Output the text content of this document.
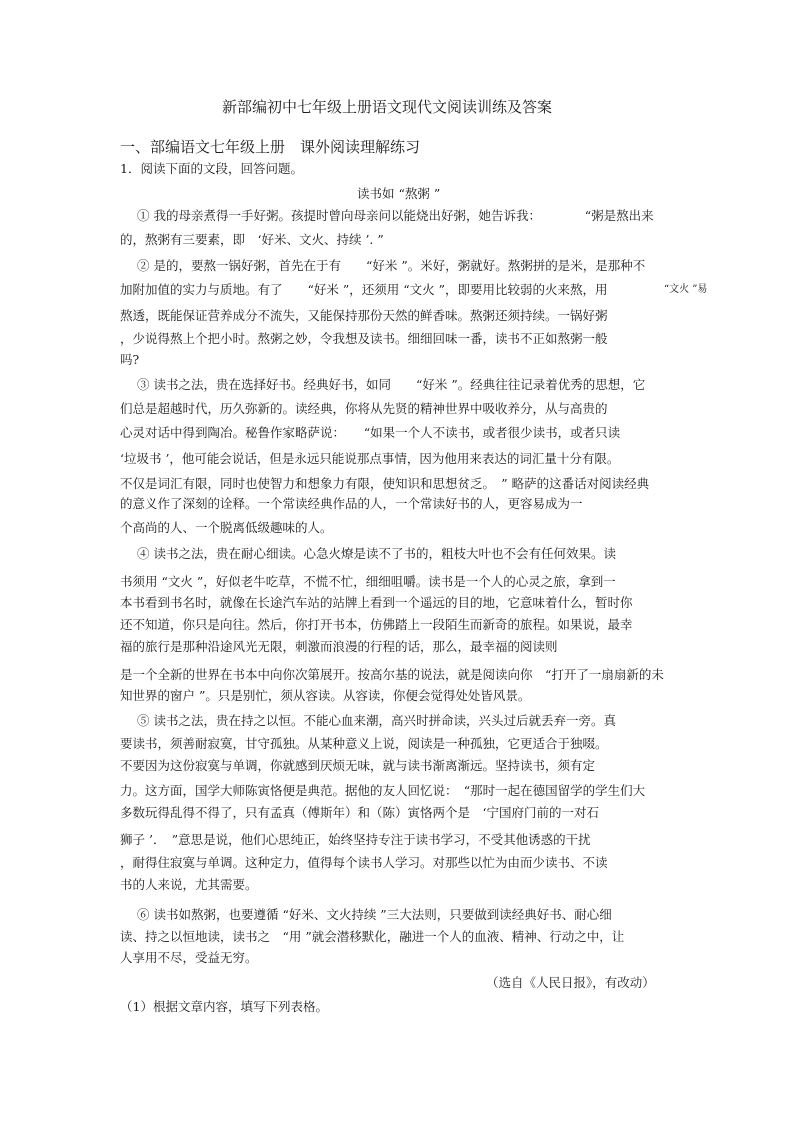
新部编初中七年级上册语文现代文阅读训练及答案
一、部编语文七年级上册　课外阅读理解练习
1．阅读下面的文段，回答问题。
读书如 “熬粥 ”
① 我的母亲煮得一手好粥。孩提时曾向母亲问以能烧出好粥，她告诉我：　　　　“粥是熬出来
的，熬粥有三要素，即　‘好米、文火、持续 ’. ”
② 是的，要熬一锅好粥，首先在于有　　“好米 ”。米好，粥就好。熬粥拼的是米，是那种不
加附加值的实力与质地。有了　　“好米 ”，还须用 “文火 ”，即要用比较弱的火来熬，用	“文火 ”易
熬透，既能保证营养成分不流失，又能保持那份天然的鲜香味。熬粥还须持续。一锅好粥
，少说得熬上个把小时。熬粥之妙，令我想及读书。细细回味一番，读书不正如熬粥一般
吗?
③ 读书之法，贵在选择好书。经典好书，如同　　“好米 ”。经典往往记录着优秀的思想，它
们总是超越时代，历久弥新的。读经典，你将从先贤的精神世界中吸收养分，从与高贵的
心灵对话中得到陶冶。秘鲁作家略萨说：　　“如果一个人不读书，或者很少读书，或者只读
‘垃圾书 ’，他可能会说话，但是永远只能说那点事情，因为他用来表达的词汇量十分有限。
不仅是词汇有限，同时也使智力和想象力有限，使知识和思想贫乏。　” 略萨的这番话对阅读经典
的意义作了深刻的诠释。一个常读经典作品的人，一个常读好书的人，更容易成为一
个高尚的人、一个脱离低级趣味的人。
④ 读书之法，贵在耐心细读。心急火燎是读不了书的，粗枝大叶也不会有任何效果。读
书须用 “文火 ”，好似老牛吃草，不慌不忙，细细咀嚼。读书是一个人的心灵之旅，拿到一
本书看到书名时，就像在长途汽车站的站牌上看到一个遥远的目的地，它意味着什么，暂时你
还不知道，你只是向往。然后，你打开书本，仿佛踏上一段陌生而新奇的旅程。如果说，最幸
福的旅行是那种沿途风光无限，刺激而浪漫的行程的话，那么，最幸福的阅读则
是一个全新的世界在书本中向你次第展开。按高尔基的说法，就是阅读向你　“打开了一扇扇新的未
知世界的窗户 ”。只是别忙，须从容读。从容读，你便会觉得处处皆风景。
⑤ 读书之法，贵在持之以恒。不能心血来潮，高兴时拼命读，兴头过后就丢弃一旁。真
要读书，须善耐寂寞，甘守孤独。从某种意义上说，阅读是一种孤独，它更适合于独啜。
不要因为这份寂寞与单调，你就感到厌烦无味，就与读书渐离渐远。坚持读书，须有定
力。这方面，国学大师陈寅恪便是典范。据他的友人回忆说：　“那时一起在德国留学的学生们大
多数玩得乱得不得了，只有孟真（傅斯年）和（陈）寅恪两个是　‘宁国府门前的一对石
狮子 ’．　”意思是说，他们心思纯正，始终坚持专注于读书学习，不受其他诱惑的干扰
，耐得住寂寞与单调。这种定力，值得每个读书人学习。对那些以忙为由而少读书、不读
书的人来说，尤其需要。
⑥ 读书如熬粥，也要遵循 “好米、文火持续 ”三大法则，只要做到读经典好书、耐心细
读、持之以恒地读，读书之　“用 ”就会潜移默化，融进一个人的血液、精神、行动之中，让
人享用不尽，受益无穷。
（选自《人民日报》，有改动）
（1）根据文章内容，填写下列表格。
